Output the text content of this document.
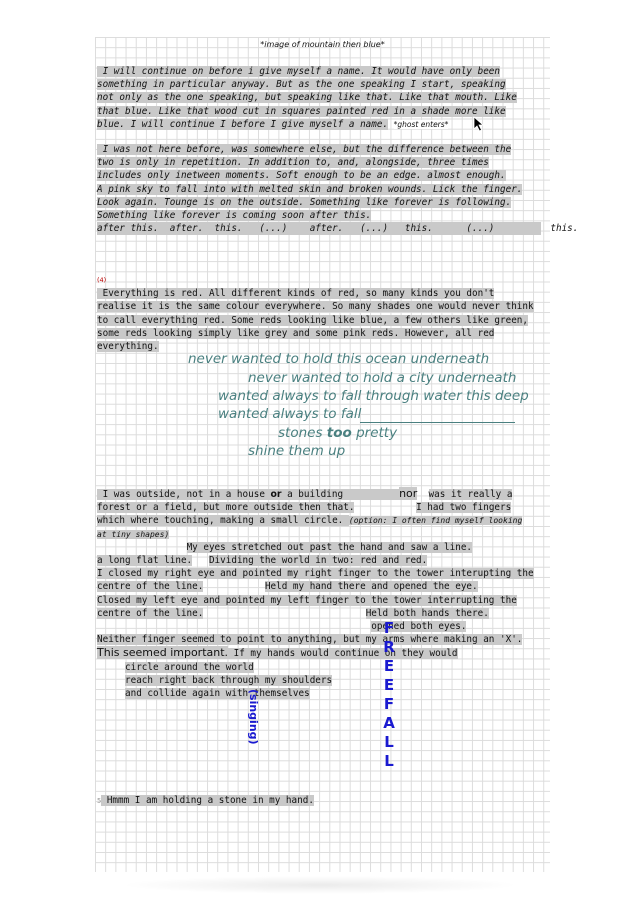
*image of mountain then blue*
I will continue on before i give myself a name. It would have only been
something in particular anyway. But as the one speaking I start, speaking
not only as the one speaking, but speaking like that. Like that mouth. Like
that blue. Like that wood cut in squares painted red in a shade more like
blue. I will continue I before I give myself a name. *ghost enters*
I was not here before, was somewhere else, but the difference between the
two is only in repetition. In addition to, and, alongside, three times
includes only inetween moments. Soft enough to be an edge. almost enough.
A pink sky to fall into with melted skin and broken wounds. Lick the finger.
Look again. Tounge is on the outside. Something like forever is following.
Something like forever is coming soon after this.
after this.  after.  this.   (...)    after.   (...)   this.      (...)          this.
(4)
Everything is red. All different kinds of red, so many kinds you don't
realise it is the same colour everywhere. So many shades one would never think
to call everything red. Some reds looking like blue, a few others like green,
some reds looking simply like grey and some pink reds. However, all red
everything.
never wanted to hold this ocean underneath
never wanted to hold a city underneath
wanted always to fall through water this deep
wanted always to fall
stones too pretty
shine them up
I was outside, not in a house or a building	nor was it really a
forest or a field, but more outside then that.	I had two fingers
which where touching, making a small circle. (option: I often find myself looking
at tiny shapes)
My eyes stretched out past the hand and saw a line.
a long flat line. Dividing the world in two: red and red.
I closed my right eye and pointed my right finger to the tower interupting the
centre of the line.	Held my hand there and opened the eye.
Closed my left eye and pointed my left finger to the tower interrupting the
centre of the line.	Held both hands there.
opened both eyes.
Neither finger seemed to point to anything, but my arms where making an 'X'.
This seemed important. If my hands would continue on they would
circle around the world
reach right back through my shoulders
and collide again with themselves	FREEFALL
(singing)
5 Hmmm I am holding a stone in my hand.
